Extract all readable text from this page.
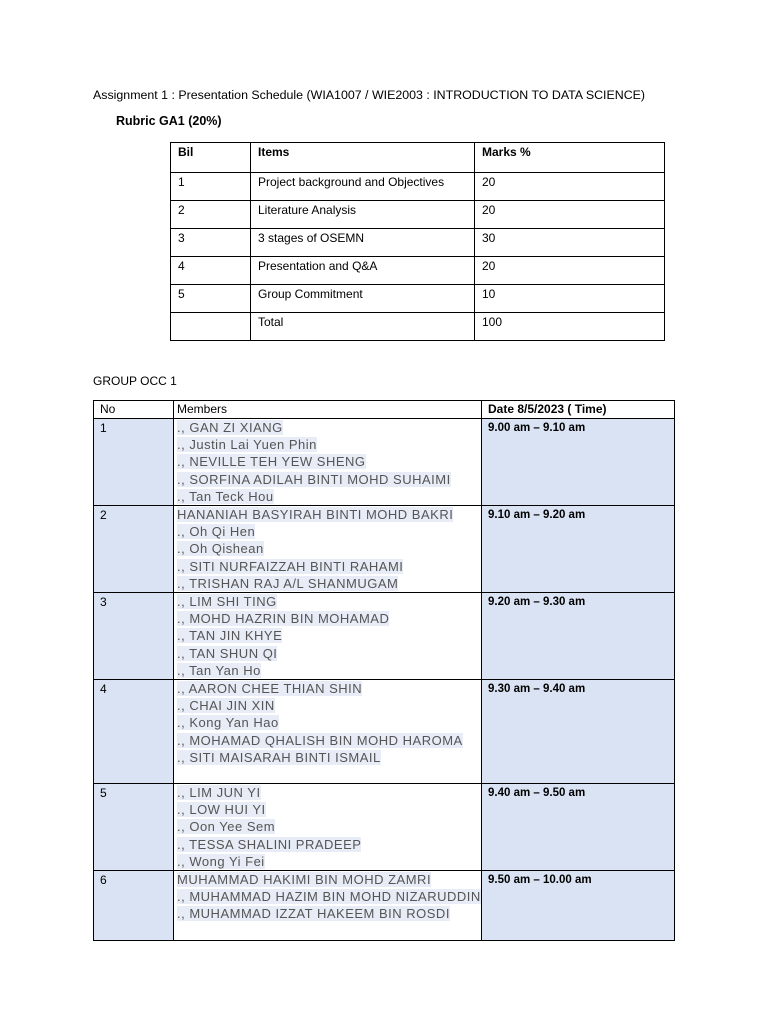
Assignment 1 : Presentation Schedule (WIA1007 / WIE2003 : INTRODUCTION TO DATA SCIENCE)
Rubric GA1 (20%)
Bil	Items	Marks %
1	Project background and Objectives	20
2	Literature Analysis	20
3	3 stages of OSEMN	30
4	Presentation and Q&A	20
5	Group Commitment	10
	Total	100
GROUP OCC 1
No	Members	Date 8/5/2023 ( Time)
1	., GAN ZI XIANG
., Justin Lai Yuen Phin
., NEVILLE TEH YEW SHENG
., SORFINA ADILAH BINTI MOHD SUHAIMI
., Tan Teck Hou	9.00 am – 9.10 am
2	HANANIAH BASYIRAH BINTI MOHD BAKRI
., Oh Qi Hen
., Oh Qishean
., SITI NURFAIZZAH BINTI RAHAMI
., TRISHAN RAJ A/L SHANMUGAM	9.10 am – 9.20 am
3	., LIM SHI TING
., MOHD HAZRIN BIN MOHAMAD
., TAN JIN KHYE
., TAN SHUN QI
., Tan Yan Ho	9.20 am – 9.30 am
4	., AARON CHEE THIAN SHIN
., CHAI JIN XIN
., Kong Yan Hao
., MOHAMAD QHALISH BIN MOHD HAROMA
., SITI MAISARAH BINTI ISMAIL	9.30 am – 9.40 am
5	., LIM JUN YI
., LOW HUI YI
., Oon Yee Sem
., TESSA SHALINI PRADEEP
., Wong Yi Fei	9.40 am – 9.50 am
6	MUHAMMAD HAKIMI BIN MOHD ZAMRI
., MUHAMMAD HAZIM BIN MOHD NIZARUDDIN
., MUHAMMAD IZZAT HAKEEM BIN ROSDI	9.50 am – 10.00 am
